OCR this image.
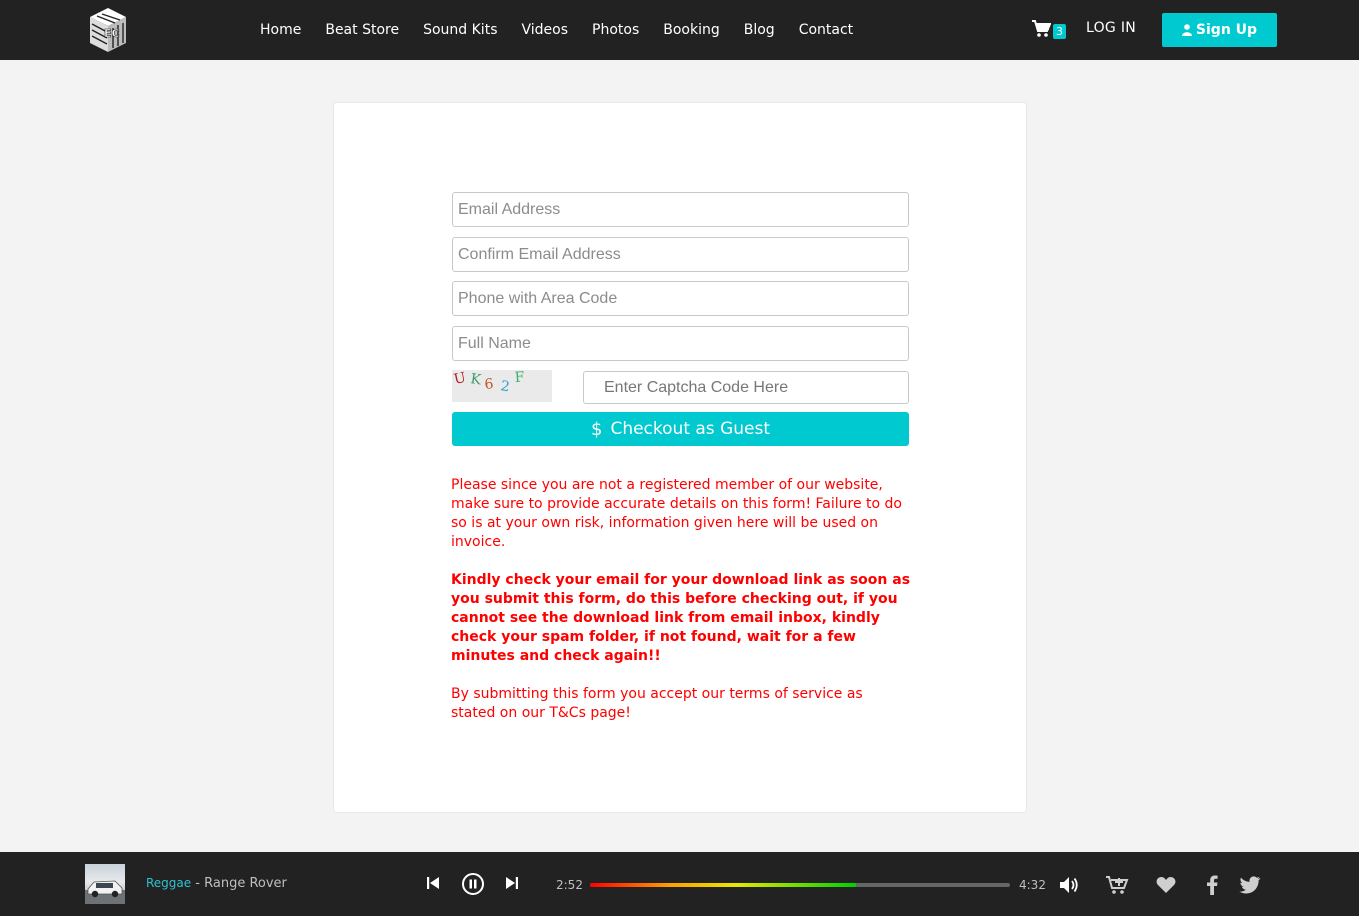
EC	Home Beat Store Sound Kits Videos Photos Booking Blog Contact	3 LOG IN	Sign Up
Email Address
Confirm Email Address
Phone with Area Code
Full Name
U K 6 2
F
Enter Captcha Code Here
$ Checkout as Guest

Please since you are not a registered member of our website, make sure to provide accurate details on this form! Failure to do so is at your own risk, information given here will be used on invoice.

Kindly check your email for your download link as soon as you submit this form, do this before checking out, if you cannot see the download link from email inbox, kindly check your spam folder, if not found, wait for a few minutes and check again!!

By submitting this form you accept our terms of service as stated on our T&Cs page!

Reggae - Range Rover	2:52	4:32
